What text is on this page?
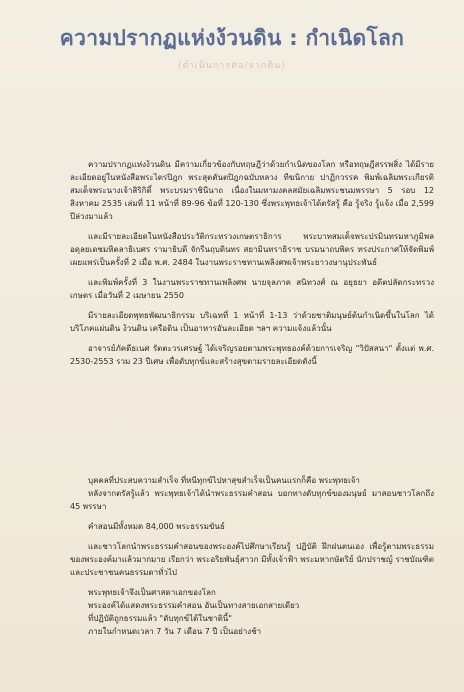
ความปรากฏแห่งง้วนดิน : กำเนิดโลก
(ดำเนินการต่อ/จากดิน)

ความปรากฏแห่งง้วนดิน มีความเกี่ยวข้องกับทฤษฎีว่าด้วยกำเนิดของโลก หรือทฤษฎีสรรพสิ่ง ได้มีรายละเอียดอยู่ในหนังสือพระไตรปิฎก พระสุตตันตปิฎกฉบับหลวง ทีฆนิกาย ปาฏิกวรรค พิมพ์เฉลิมพระเกียรติสมเด็จพระนางเจ้าสิริกิติ์ พระบรมราชินีนาถ เนื่องในมหามงคลสมัยเฉลิมพระชนมพรรษา 5 รอบ 12 สิงหาคม 2535 เล่มที่ 11 หน้าที่ 89-96 ข้อที่ 120-130 ซึ่งพระพุทธเจ้าได้ตรัสรู้ คือ รู้จริง รู้แจ้ง เมื่อ 2,599 ปีล่วงมาแล้ว

และมีรายละเอียดในหนังสือประวัติกระทรวงเกษตราธิการ พระบาทสมเด็จพระปรมินทรมหาภูมิพลอดุลยเดชมหิตลาธิเบศร รามาธิบดี จักรีนฤบดินทร สยามินทราธิราช บรมนาถบพิตร ทรงประกาศให้จัดพิมพ์เผยแพร่เป็นครั้งที่ 2 เมื่อ พ.ศ. 2484 ในงานพระราชทานเพลิงศพเจ้าพระยาวงษานุประพันธ์

และพิมพ์ครั้งที่ 3 ในงานพระราชทานเพลิงศพ นายจุลภาค สนิทวงศ์ ณ อยุธยา อดีตปลัดกระทรวงเกษตร เมื่อวันที่ 2 เมษายน 2550

มีรายละเอียดพุทธพัฒนาธิกรรม บริเฉทที่ 1 หน้าที่ 1-13 ว่าด้วยชาติมนุษย์ต้นกำเนิดขึ้นในโลก ได้บริโภคแผ่นดิน ง้วนดิน เครือดิน เป็นอาหารอันละเอียด ฯลฯ ความแจ้งแล้วนั้น

อาจารย์ภัคดีธเนศ รัตตะวรเศรษฐ์ ได้เจริญรอยตามพระพุทธองค์ด้วยการเจริญ "วิปัสสนา" ตั้งแต่ พ.ศ. 2530-2553 รวม 23 ปีเศษ เพื่อดับทุกข์และสร้างสุขตามรายละเอียดดังนี้

บุคคลที่ประสบความสำเร็จ ที่หนีทุกข์ไปหาสุขสำเร็จเป็นคนแรกก็คือ พระพุทธเจ้า

หลังจากตรัสรู้แล้ว พระพุทธเจ้าได้นำพระธรรมคำสอน บอกทางดับทุกข์ของมนุษย์ มาสอนชาวโลกถึง 45 พรรษา

คำสอนมีทั้งหมด 84,000 พระธรรมขันธ์

และชาวโลกนำพระธรรมคำสอนของพระองค์ไปศึกษาเรียนรู้ ปฏิบัติ ฝึกฝนตนเอง เพื่อรู้ตามพระธรรมของพระองค์มาแล้วมากมาย เรียกว่า พระอริยพันธุ์สาวก มีทั้งเจ้าฟ้า พระมหากษัตริย์ นักปราชญ์ ราชบัณฑิต และประชาชนคนธรรมดาทั่วไป

พระพุทธเจ้าจึงเป็นศาสดาเอกของโลก

พระองค์ได้แสดงพระธรรมคำสอน อันเป็นทางสายเอกสายเดียว

ที่ปฏิบัติถูกธรรมแล้ว "ดับทุกข์ได้ในชาตินี้"

ภายในกำหนดเวลา 7 วัน 7 เดือน 7 ปี เป็นอย่างช้า
